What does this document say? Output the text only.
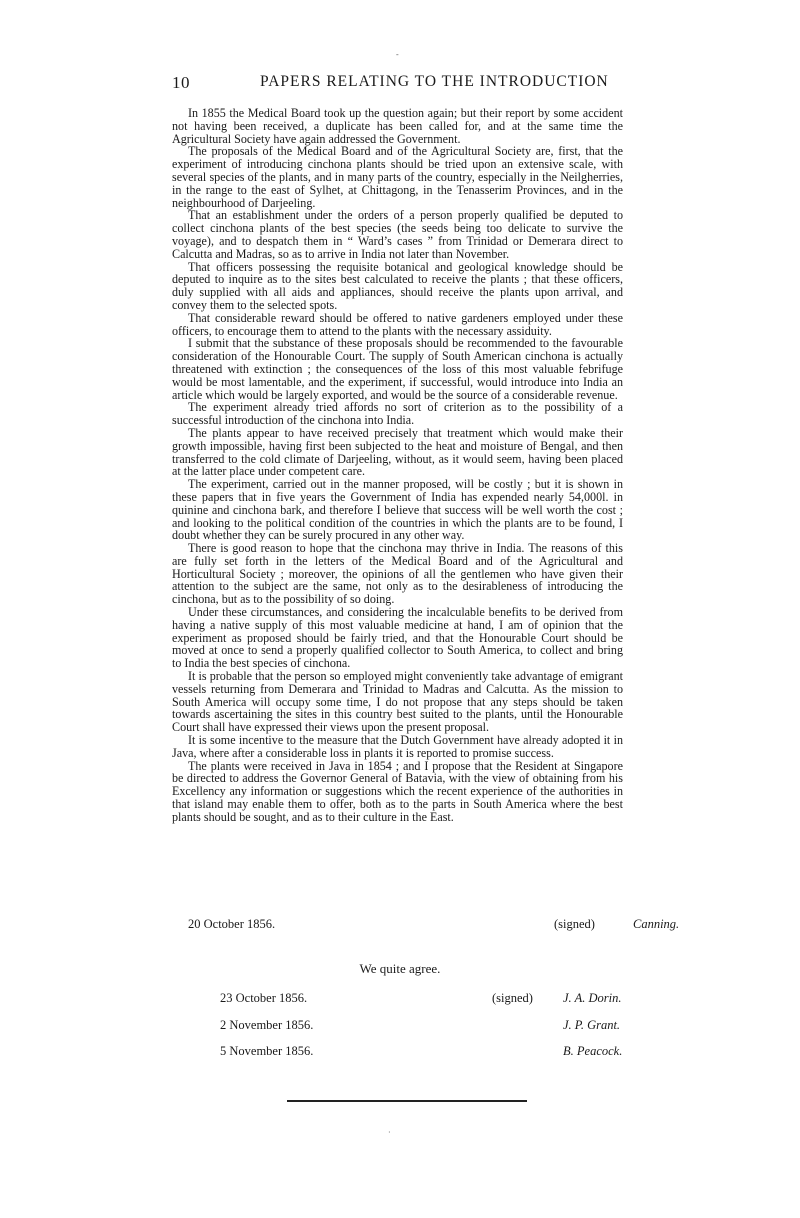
-
10	PAPERS RELATING TO THE INTRODUCTION

In 1855 the Medical Board took up the question again; but their report by some accident not having been received, a duplicate has been called for, and at the same time the Agricultural Society have again addressed the Government.

The proposals of the Medical Board and of the Agricultural Society are, first, that the experiment of introducing cinchona plants should be tried upon an extensive scale, with several species of the plants, and in many parts of the country, especially in the Neilgherries, in the range to the east of Sylhet, at Chittagong, in the Tenasserim Provinces, and in the neighbourhood of Darjeeling.

That an establishment under the orders of a person properly qualified be deputed to collect cinchona plants of the best species (the seeds being too delicate to survive the voyage), and to despatch them in “ Ward’s cases ” from Trinidad or Demerara direct to Calcutta and Madras, so as to arrive in India not later than November.

That officers possessing the requisite botanical and geological knowledge should be deputed to inquire as to the sites best calculated to receive the plants ; that these officers, duly supplied with all aids and appliances, should receive the plants upon arrival, and convey them to the selected spots.

That considerable reward should be offered to native gardeners employed under these officers, to encourage them to attend to the plants with the necessary assiduity.

I submit that the substance of these proposals should be recommended to the favourable consideration of the Honourable Court. The supply of South American cinchona is actually threatened with extinction ; the consequences of the loss of this most valuable febrifuge would be most lamentable, and the experiment, if successful, would introduce into India an article which would be largely exported, and would be the source of a considerable revenue.

The experiment already tried affords no sort of criterion as to the possibility of a successful introduction of the cinchona into India.

The plants appear to have received precisely that treatment which would make their growth impossible, having first been subjected to the heat and moisture of Bengal, and then transferred to the cold climate of Darjeeling, without, as it would seem, having been placed at the latter place under competent care.

The experiment, carried out in the manner proposed, will be costly ; but it is shown in these papers that in five years the Government of India has expended nearly 54,000l. in quinine and cinchona bark, and therefore I believe that success will be well worth the cost ; and looking to the political condition of the countries in which the plants are to be found, I doubt whether they can be surely procured in any other way.

There is good reason to hope that the cinchona may thrive in India. The reasons of this are fully set forth in the letters of the Medical Board and of the Agricultural and Horticultural Society ; moreover, the opinions of all the gentlemen who have given their attention to the subject are the same, not only as to the desirableness of introducing the cinchona, but as to the possibility of so doing.

Under these circumstances, and considering the incalculable benefits to be derived from having a native supply of this most valuable medicine at hand, I am of opinion that the experiment as proposed should be fairly tried, and that the Honourable Court should be moved at once to send a properly qualified collector to South America, to collect and bring to India the best species of cinchona.

It is probable that the person so employed might conveniently take advantage of emigrant vessels returning from Demerara and Trinidad to Madras and Calcutta. As the mission to South America will occupy some time, I do not propose that any steps should be taken towards ascertaining the sites in this country best suited to the plants, until the Honourable Court shall have expressed their views upon the present proposal.

It is some incentive to the measure that the Dutch Government have already adopted it in Java, where after a considerable loss in plants it is reported to promise success.

The plants were received in Java in 1854 ; and I propose that the Resident at Singapore be directed to address the Governor General of Batavia, with the view of obtaining from his Excellency any information or suggestions which the recent experience of the authorities in that island may enable them to offer, both as to the parts in South America where the best plants should be sought, and as to their culture in the East.

20 October 1856.	(signed)	Canning.
We quite agree.
23 October 1856.	(signed) J. A. Dorin.
2 November 1856.	J. P. Grant.
5 November 1856.	B. Peacock.
·
